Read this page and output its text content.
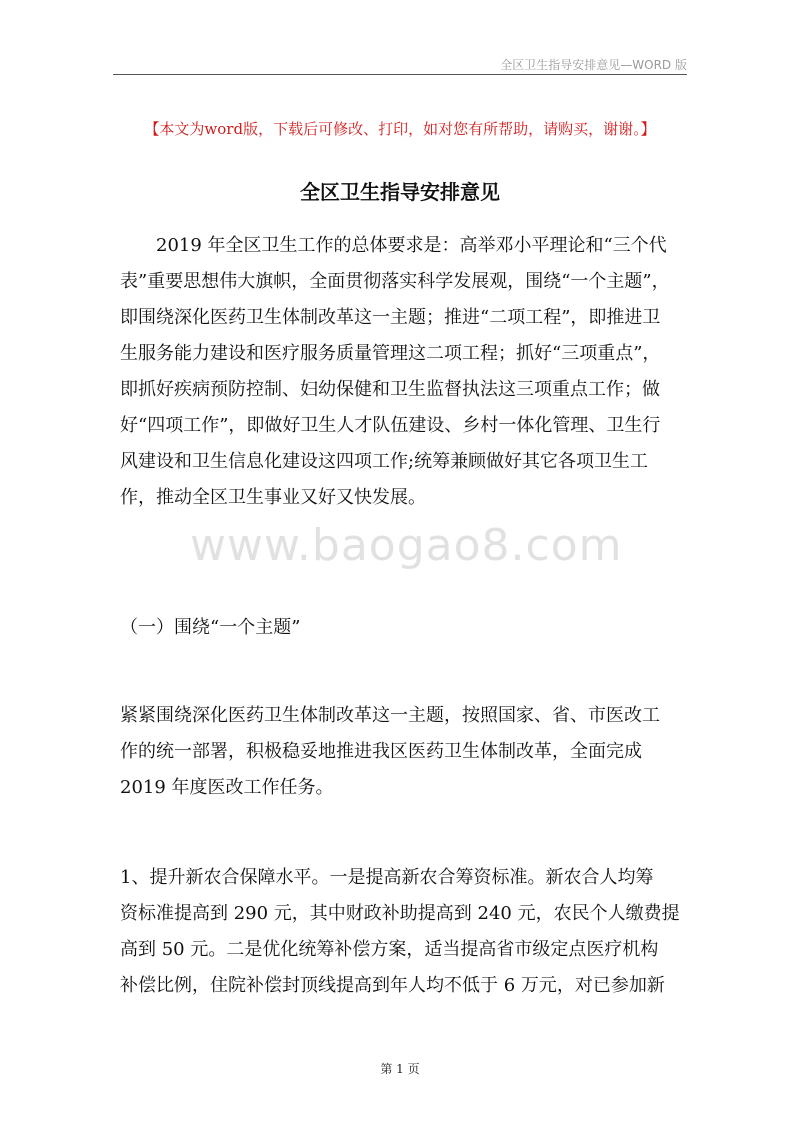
全区卫生指导安排意见—WORD 版
【本文为word版，下载后可修改、打印，如对您有所帮助，请购买，谢谢。】
全区卫生指导安排意见
2019 年全区卫生工作的总体要求是：高举邓小平理论和“三个代
表”重要思想伟大旗帜，全面贯彻落实科学发展观，围绕“一个主题”，
即围绕深化医药卫生体制改革这一主题；推进“二项工程”，即推进卫
生服务能力建设和医疗服务质量管理这二项工程；抓好“三项重点”，
即抓好疾病预防控制、妇幼保健和卫生监督执法这三项重点工作；做
好“四项工作”，即做好卫生人才队伍建设、乡村一体化管理、卫生行
风建设和卫生信息化建设这四项工作;统筹兼顾做好其它各项卫生工
作，推动全区卫生事业又好又快发展。
www.baogao8.com
（一）围绕“一个主题”
紧紧围绕深化医药卫生体制改革这一主题，按照国家、省、市医改工
作的统一部署，积极稳妥地推进我区医药卫生体制改革，全面完成
2019 年度医改工作任务。
1、提升新农合保障水平。一是提高新农合筹资标准。新农合人均筹
资标准提高到 290 元，其中财政补助提高到 240 元，农民个人缴费提
高到 50 元。二是优化统筹补偿方案，适当提高省市级定点医疗机构
补偿比例，住院补偿封顶线提高到年人均不低于 6 万元，对已参加新
第 1 页
